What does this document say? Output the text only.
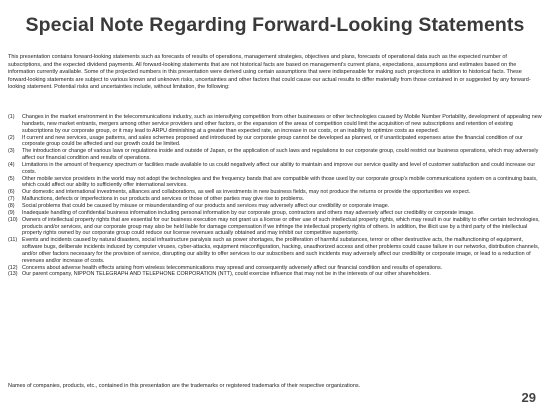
Special Note Regarding Forward-Looking Statements
This presentation contains forward-looking statements such as forecasts of results of operations, management strategies, objectives and plans, forecasts of operational data such as the expected number of subscriptions, and the expected dividend payments. All forward-looking statements that are not historical facts are based on management’s current plans, expectations, assumptions and estimates based on the information currently available. Some of the projected numbers in this presentation were derived using certain assumptions that were indispensable for making such projections in addition to historical facts. These forward-looking statements are subject to various known and unknown risks, uncertainties and other factors that could cause our actual results to differ materially from those contained in or suggested by any forward-looking statement. Potential risks and uncertainties include, without limitation, the following:
(1)	Changes in the market environment in the telecommunications industry, such as intensifying competition from other businesses or other technologies caused by Mobile Number Portability, development of appealing new handsets, new market entrants, mergers among other service providers and other factors, or the expansion of the areas of competition could limit the acquisition of new subscriptions and retention of existing subscriptions by our corporate group, or it may lead to ARPU diminishing at a greater than expected rate, an increase in our costs, or an inability to optimize costs as expected.
(2)	If current and new services, usage patterns, and sales schemes proposed and introduced by our corporate group cannot be developed as planned, or if unanticipated expenses arise the financial condition of our corporate group could be affected and our growth could be limited.
(3)	The introduction or change of various laws or regulations inside and outside of Japan, or the application of such laws and regulations to our corporate group, could restrict our business operations, which may adversely affect our financial condition and results of operations.
(4)	Limitations in the amount of frequency spectrum or facilities made available to us could negatively affect our ability to maintain and improve our service quality and level of customer satisfaction and could increase our costs.
(5)	Other mobile service providers in the world may not adopt the technologies and the frequency bands that are compatible with those used by our corporate group’s mobile communications system on a continuing basis, which could affect our ability to sufficiently offer international services.
(6)	Our domestic and international investments, alliances and collaborations, as well as investments in new business fields, may not produce the returns or provide the opportunities we expect.
(7)	Malfunctions, defects or imperfections in our products and services or those of other parties may give rise to problems.
(8)	Social problems that could be caused by misuse or misunderstanding of our products and services may adversely affect our credibility or corporate image.
(9)	Inadequate handling of confidential business information including personal information by our corporate group, contractors and others may adversely affect our credibility or corporate image.
(10) Owners of intellectual property rights that are essential for our business execution may not grant us a license or other use of such intellectual property rights, which may result in our inability to offer certain technologies, products and/or services, and our corporate group may also be held liable for damage compensation if we infringe the intellectual property rights of others. In addition, the illicit use by a third party of the intellectual property rights owned by our corporate group could reduce our license revenues actually obtained and may inhibit our competitive superiority.
(11) Events and incidents caused by natural disasters, social infrastructure paralysis such as power shortages, the proliferation of harmful substances, terror or other destructive acts, the malfunctioning of equipment, software bugs, deliberate incidents induced by computer viruses, cyber-attacks, equipment misconfiguration, hacking, unauthorized access and other problems could cause failure in our networks, distribution channels, and/or other factors necessary for the provision of service, disrupting our ability to offer services to our subscribers and such incidents may adversely affect our credibility or corporate image, or lead to a reduction of revenues and/or increase of costs.
(12) Concerns about adverse health effects arising from wireless telecommunications may spread and consequently adversely affect our financial condition and results of operations.
(13) Our parent company, NIPPON TELEGRAPH AND TELEPHONE CORPORATION (NTT), could exercise influence that may not be in the interests of our other shareholders.
Names of companies, products, etc., contained in this presentation are the trademarks or registered trademarks of their respective organizations.
29
